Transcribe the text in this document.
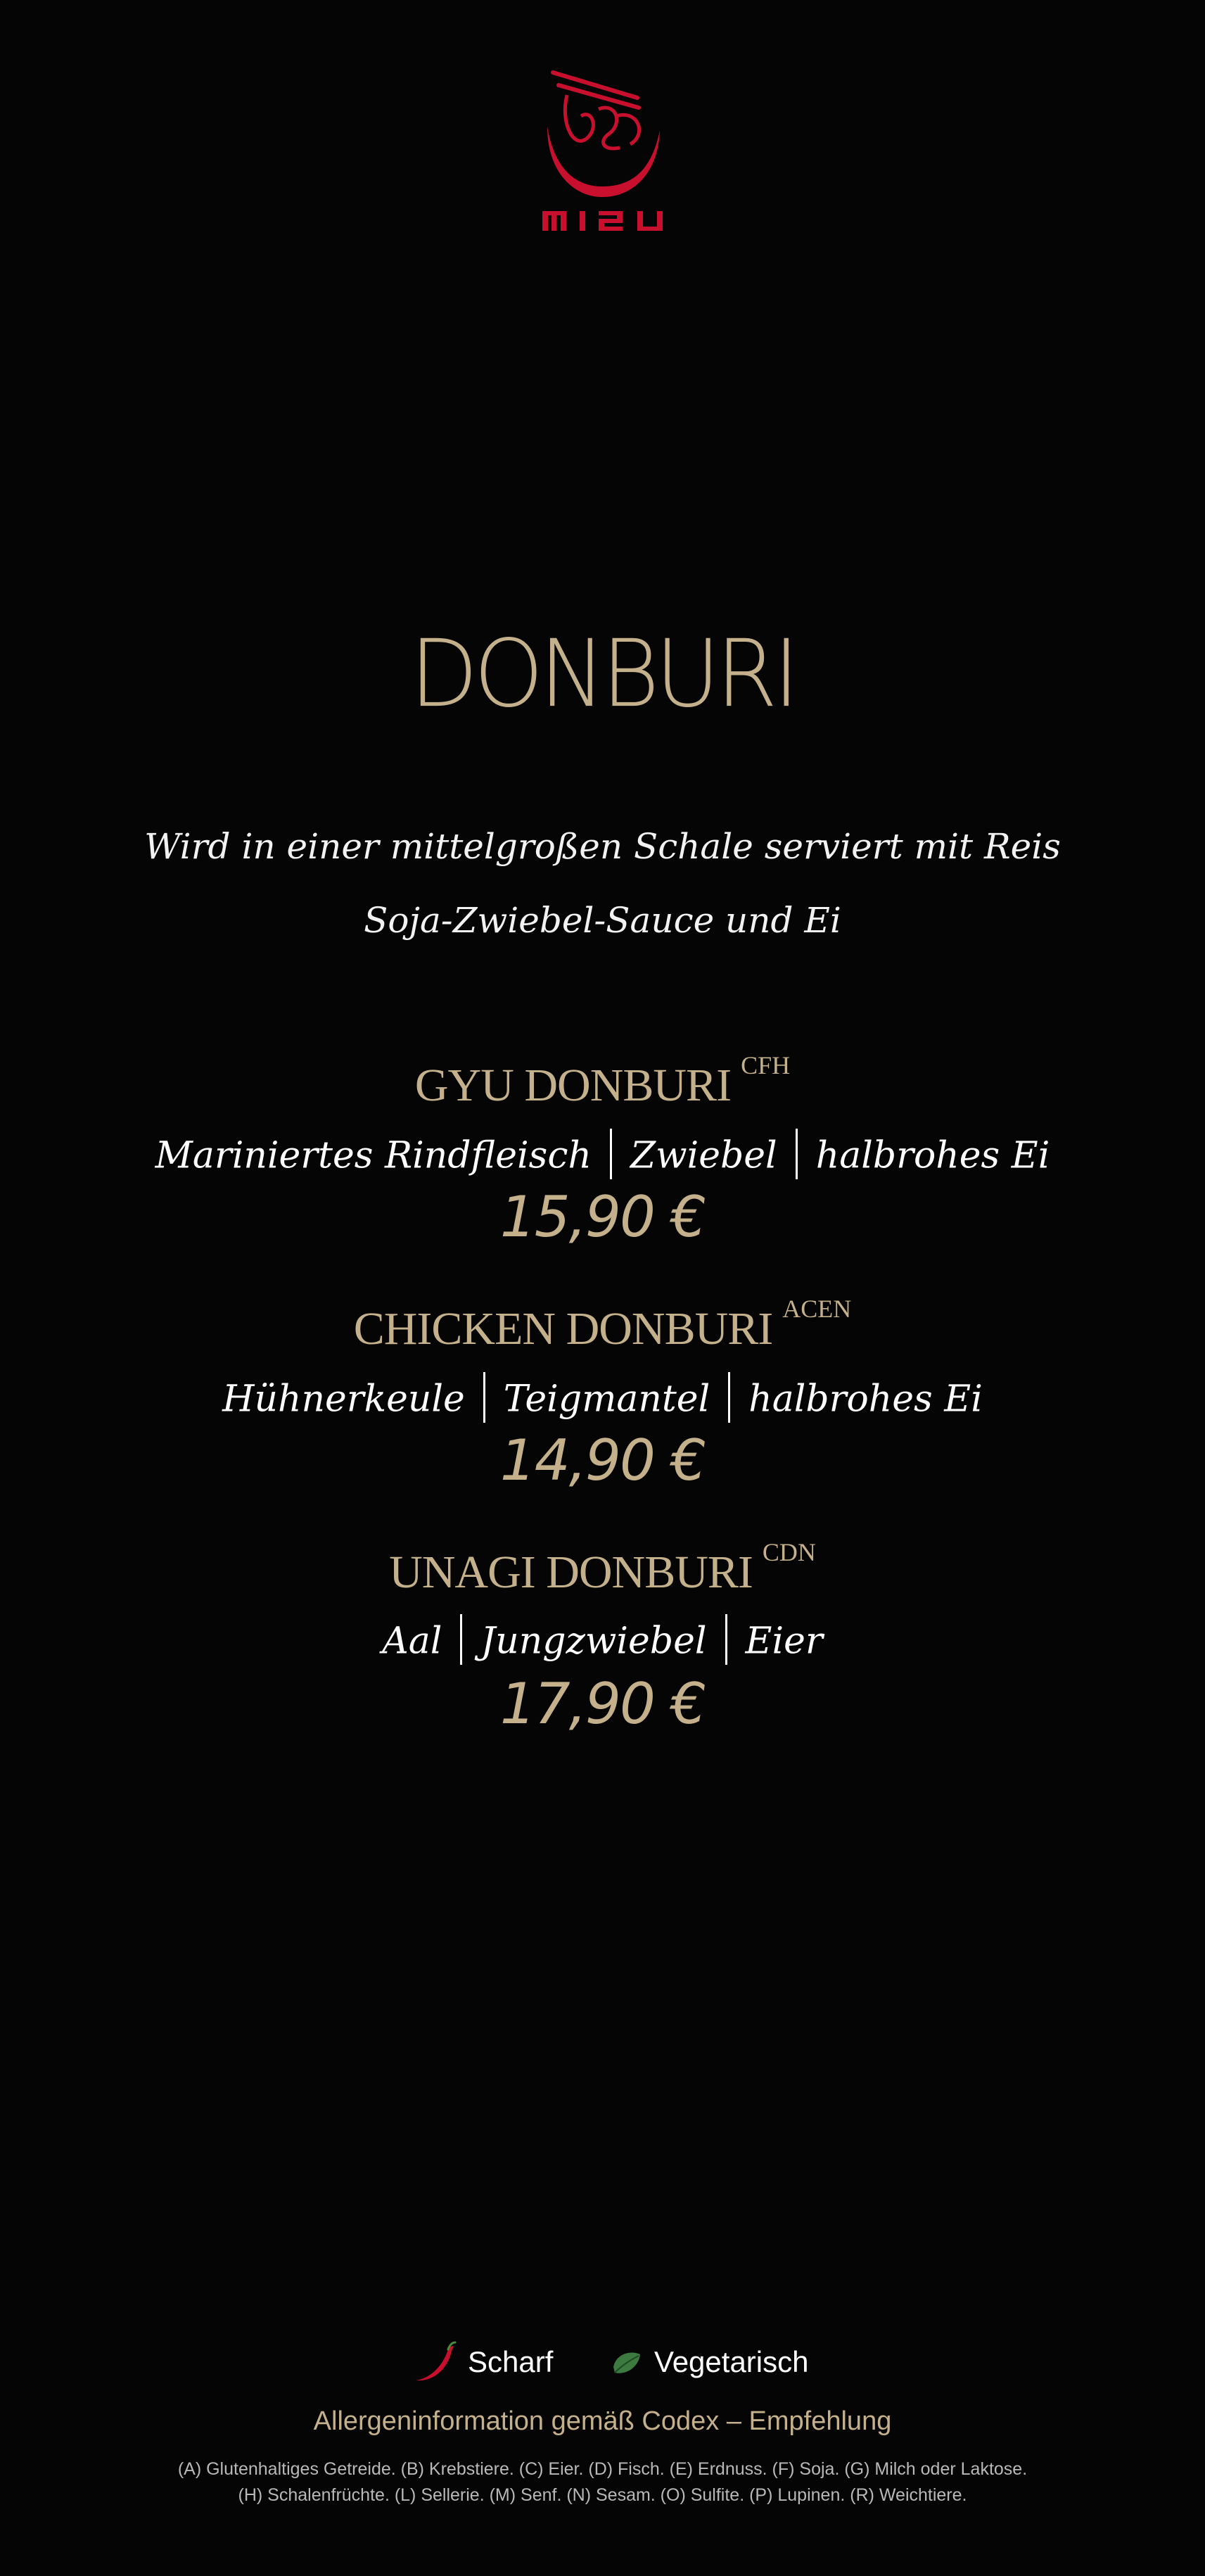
DONBURI
Wird in einer mittelgroßen Schale serviert mit Reis
Soja-Zwiebel-Sauce und Ei
GYU DONBURI $^{CFH}$
Mariniertes Rindfleisch Zwiebel halbrohes Ei
15,90 €
CHICKEN DONBURI $^{ACEN}$
Hühnerkeule Teigmantel halbrohes Ei
14,90 €
UNAGI DONBURI $^{CDN}$
Aal Jungzwiebel Eier
17,90 €
Scharf	Vegetarisch
Allergeninformation gemäß Codex – Empfehlung
(A) Glutenhaltiges Getreide. (B) Krebstiere. (C) Eier. (D) Fisch. (E) Erdnuss. (F) Soja. (G) Milch oder Laktose.
(H) Schalenfrüchte. (L) Sellerie. (M) Senf. (N) Sesam. (O) Sulfite. (P) Lupinen. (R) Weichtiere.
